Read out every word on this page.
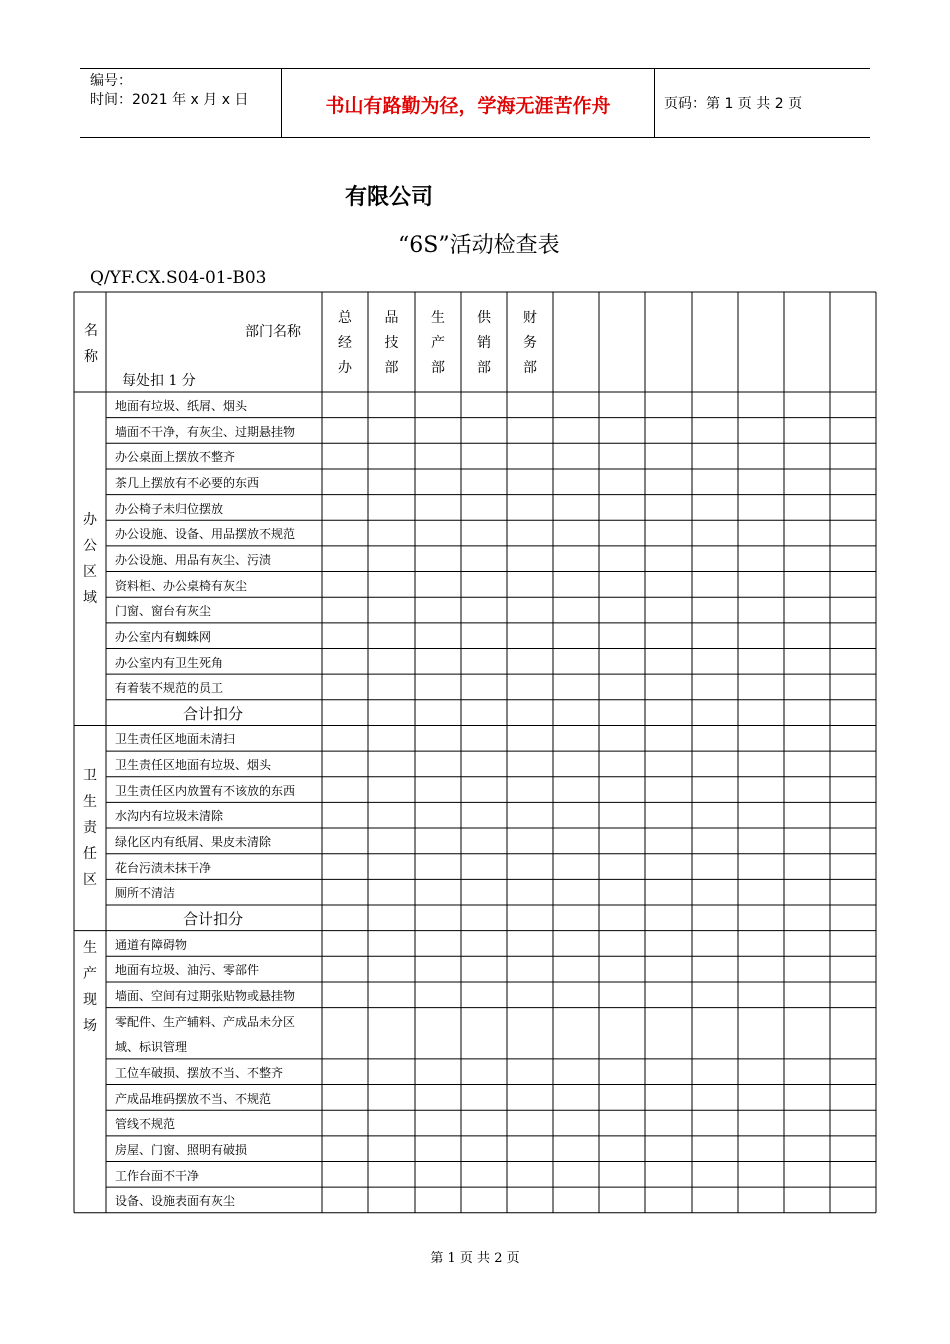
编号：
时间：2021 年 x 月 x 日	书山有路勤为径，学海无涯苦作舟	页码：第 1 页 共 2 页
有限公司
“6S”活动检查表
Q/YF.CX.S04-01-B03
名称
部门名称
每处扣 1 分
地面有垃圾、纸屑、烟头
墙面不干净，有灰尘、过期悬挂物
办公桌面上摆放不整齐
茶几上摆放有不必要的东西
办公椅子未归位摆放
办公设施、设备、用品摆放不规范
办公设施、用品有灰尘、污渍
资料柜、办公桌椅有灰尘
门窗、窗台有灰尘
办公室内有蜘蛛网
办公室内有卫生死角
有着装不规范的员工
合计扣分
卫生责任区地面未清扫
卫生责任区地面有垃圾、烟头
卫生责任区内放置有不该放的东西
水沟内有垃圾未清除
绿化区内有纸屑、果皮未清除
花台污渍未抹干净
厕所不清洁
合计扣分
通道有障碍物
地面有垃圾、油污、零部件
墙面、空间有过期张贴物或悬挂物
零配件、生产辅料、产成品未分区
域、标识管理
工位车破损、摆放不当、不整齐
产成品堆码摆放不当、不规范
管线不规范
房屋、门窗、照明有破损
工作台面不干净
设备、设施表面有灰尘
办公区域
卫生责任区
生产现场
总经办
品技部
生产部
供销部
财务部
第 1 页 共 2 页
